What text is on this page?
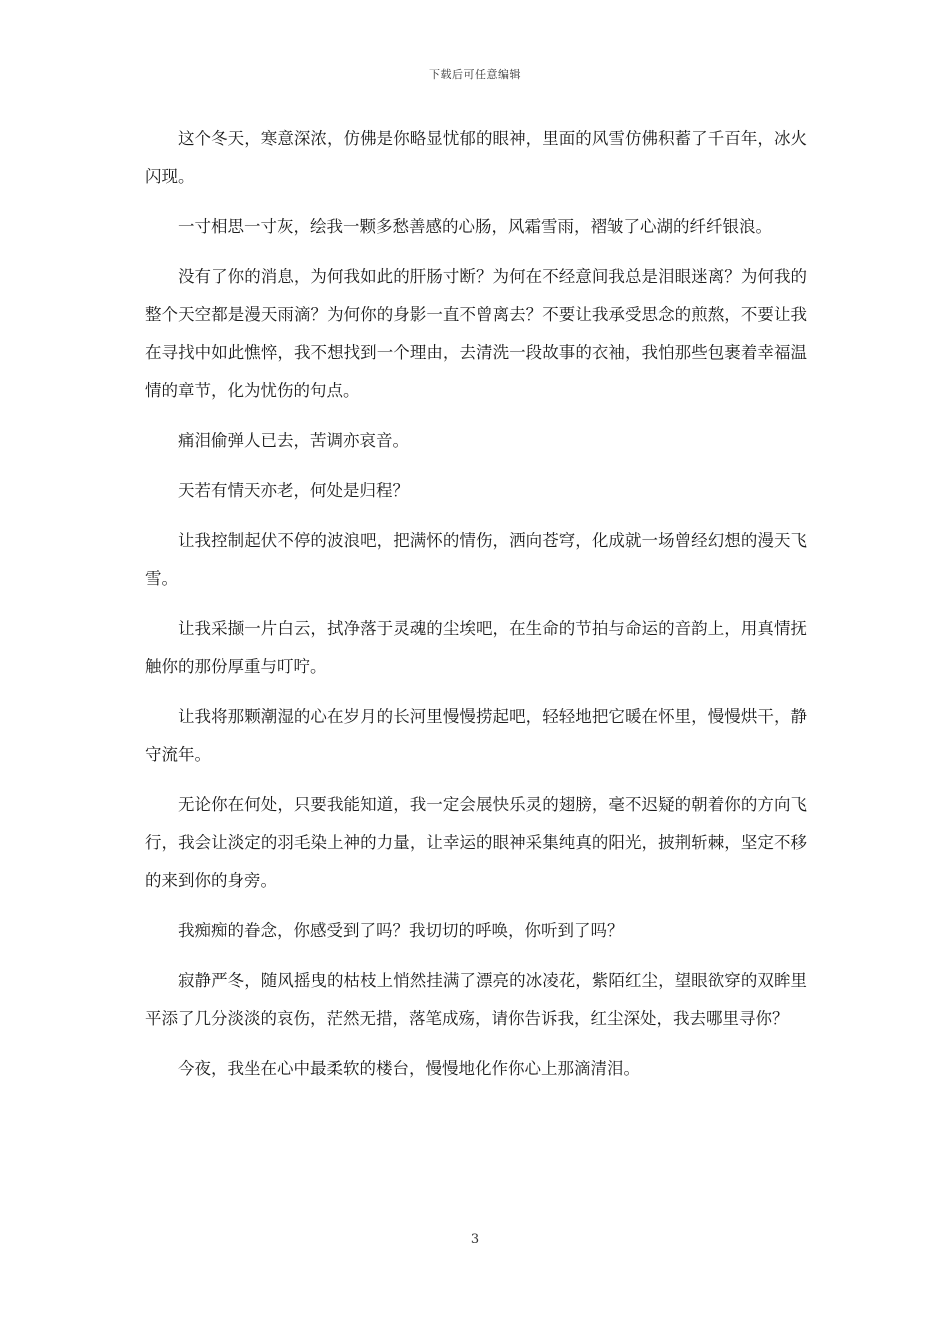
下载后可任意编辑

这个冬天，寒意深浓，仿佛是你略显忧郁的眼神，里面的风雪仿佛积蓄了千百年，冰火闪现。

一寸相思一寸灰，绘我一颗多愁善感的心肠，风霜雪雨，褶皱了心湖的纤纤银浪。

没有了你的消息，为何我如此的肝肠寸断？为何在不经意间我总是泪眼迷离？为何我的整个天空都是漫天雨滴？为何你的身影一直不曾离去？不要让我承受思念的煎熬，不要让我在寻找中如此憔悴，我不想找到一个理由，去清洗一段故事的衣袖，我怕那些包裹着幸福温情的章节，化为忧伤的句点。

痛泪偷弹人已去，苦调亦哀音。

天若有情天亦老，何处是归程？

让我控制起伏不停的波浪吧，把满怀的情伤，洒向苍穹，化成就一场曾经幻想的漫天飞雪。

让我采撷一片白云，拭净落于灵魂的尘埃吧，在生命的节拍与命运的音韵上，用真情抚触你的那份厚重与叮咛。

让我将那颗潮湿的心在岁月的长河里慢慢捞起吧，轻轻地把它暖在怀里，慢慢烘干，静守流年。

无论你在何处，只要我能知道，我一定会展快乐灵的翅膀，毫不迟疑的朝着你的方向飞行，我会让淡定的羽毛染上神的力量，让幸运的眼神采集纯真的阳光，披荆斩棘，坚定不移的来到你的身旁。

我痴痴的眷念，你感受到了吗？我切切的呼唤，你听到了吗？

寂静严冬，随风摇曳的枯枝上悄然挂满了漂亮的冰凌花，紫陌红尘，望眼欲穿的双眸里平添了几分淡淡的哀伤，茫然无措，落笔成殇，请你告诉我，红尘深处，我去哪里寻你？

今夜，我坐在心中最柔软的楼台，慢慢地化作你心上那滴清泪。

3
